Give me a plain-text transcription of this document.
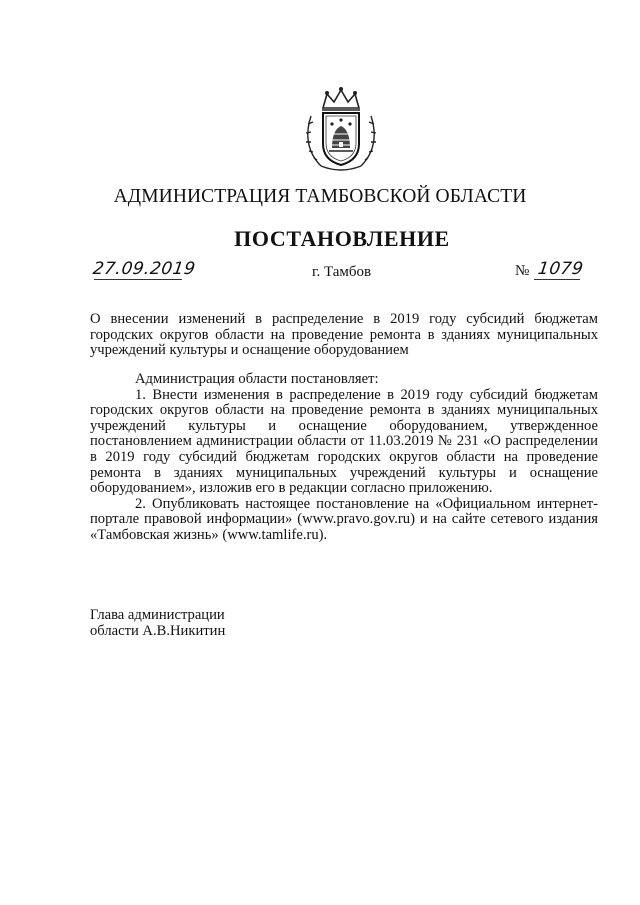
АДМИНИСТРАЦИЯ ТАМБОВСКОЙ ОБЛАСТИ
ПОСТАНОВЛЕНИЕ
27.09.2019	г. Тамбов	№ 1079
О внесении изменений в распределение в 2019 году субсидий бюджетам городских округов области на проведение ремонта в зданиях муниципальных учреждений культуры и оснащение оборудованием

Администрация области постановляет:

1. Внести изменения в распределение в 2019 году субсидий бюджетам городских округов области на проведение ремонта в зданиях муниципальных учреждений культуры и оснащение оборудованием, утвержденное постановлением администрации области от 11.03.2019 № 231 «О распределении в 2019 году субсидий бюджетам городских округов области на проведение ремонта в зданиях муниципальных учреждений культуры и оснащение оборудованием», изложив его в редакции согласно приложению.

2. Опубликовать настоящее постановление на «Официальном интернет-портале правовой информации» (www.pravo.gov.ru) и на сайте сетевого издания «Тамбовская жизнь» (www.tamlife.ru).

Глава администрации
области А.В.Никитин
